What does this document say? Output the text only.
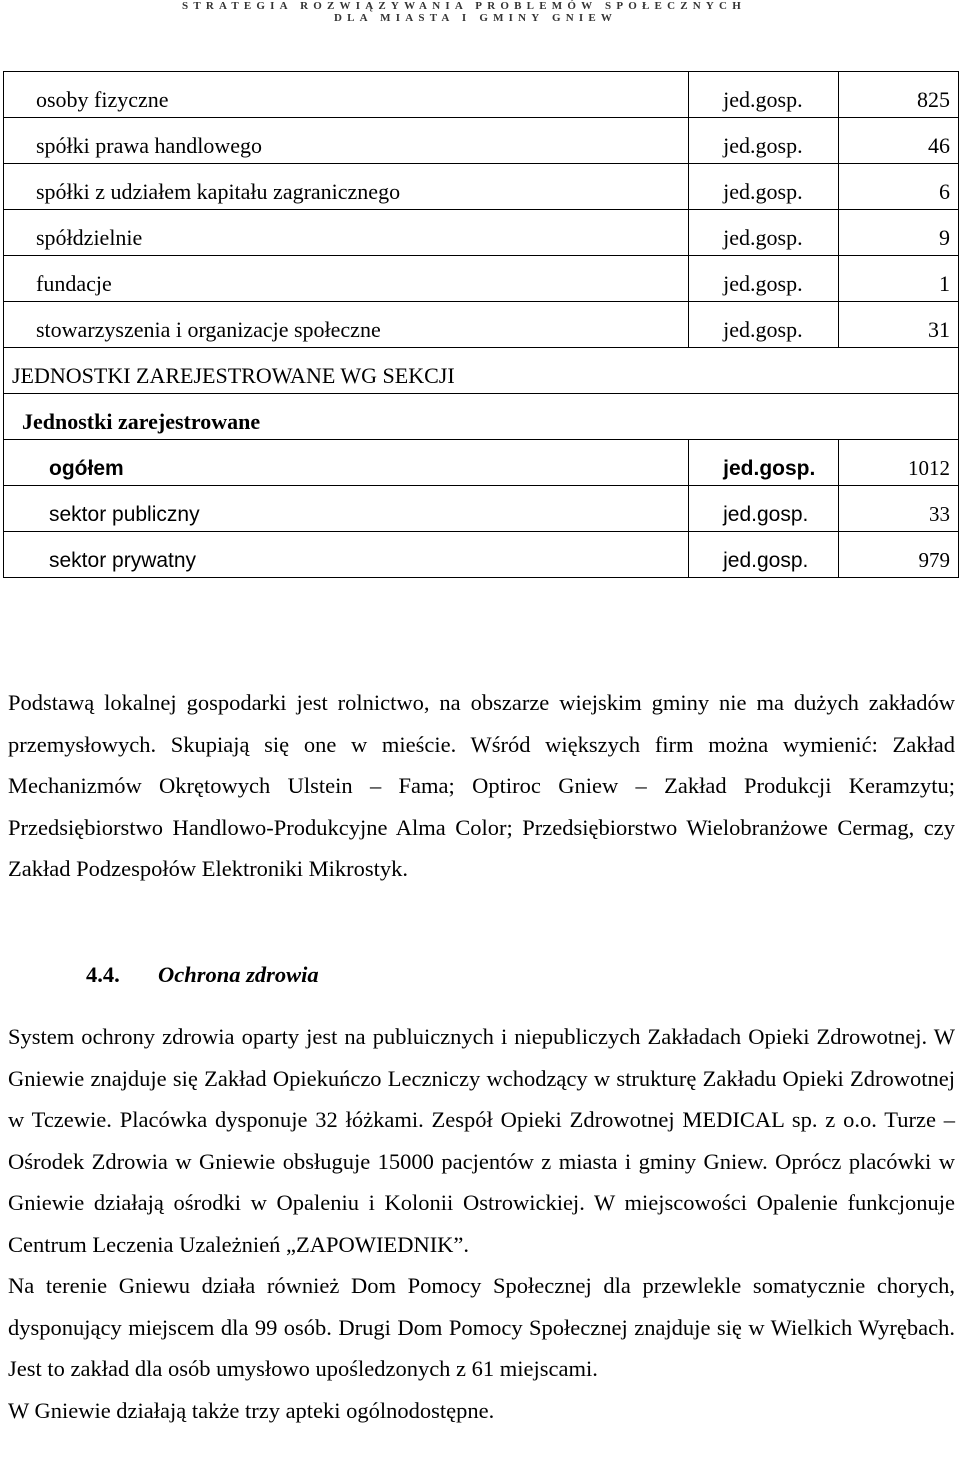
STRATEGIA ROZWIĄZYWANIA PROBLEMÓW SPOŁECZNYCH
DLA MIASTA I GMINY GNIEW
osoby fizyczne	jed.gosp.	825
spółki prawa handlowego	jed.gosp.	46
spółki z udziałem kapitału zagranicznego	jed.gosp.	6
spółdzielnie	jed.gosp.	9
fundacje	jed.gosp.	1
stowarzyszenia i organizacje społeczne	jed.gosp.	31
JEDNOSTKI ZAREJESTROWANE WG SEKCJI		
Jednostki zarejestrowane		
ogółem	jed.gosp.	1012
sektor publiczny	jed.gosp.	33
sektor prywatny	jed.gosp.	979

Podstawą lokalnej gospodarki jest rolnictwo, na obszarze wiejskim gminy nie ma dużych zakładów przemysłowych. Skupiają się one w mieście. Wśród większych firm można wymienić: Zakład Mechanizmów Okrętowych Ulstein – Fama; Optiroc Gniew – Zakład Produkcji Keramzytu; Przedsiębiorstwo Handlowo-Produkcyjne Alma Color; Przedsiębiorstwo Wielobranżowe Cermag, czy Zakład Podzespołów Elektroniki Mikrostyk.

4.4. Ochrona zdrowia

System ochrony zdrowia oparty jest na publuicznych i niepubliczych Zakładach Opieki Zdrowotnej. W Gniewie znajduje się Zakład Opiekuńczo Leczniczy wchodzący w strukturę Zakładu Opieki Zdrowotnej w Tczewie. Placówka dysponuje 32 łóżkami. Zespół Opieki Zdrowotnej MEDICAL sp. z o.o. Turze – Ośrodek Zdrowia w Gniewie obsługuje 15000 pacjentów z miasta i gminy Gniew. Oprócz placówki w Gniewie działają ośrodki w Opaleniu i Kolonii Ostrowickiej. W miejscowości Opalenie funkcjonuje Centrum Leczenia Uzależnień „ZAPOWIEDNIK”.

Na terenie Gniewu działa również Dom Pomocy Społecznej dla przewlekle somatycznie chorych, dysponujący miejscem dla 99 osób. Drugi Dom Pomocy Społecznej znajduje się w Wielkich Wyrębach. Jest to zakład dla osób umysłowo upośledzonych z 61 miejscami.

W Gniewie działają także trzy apteki ogólnodostępne.
